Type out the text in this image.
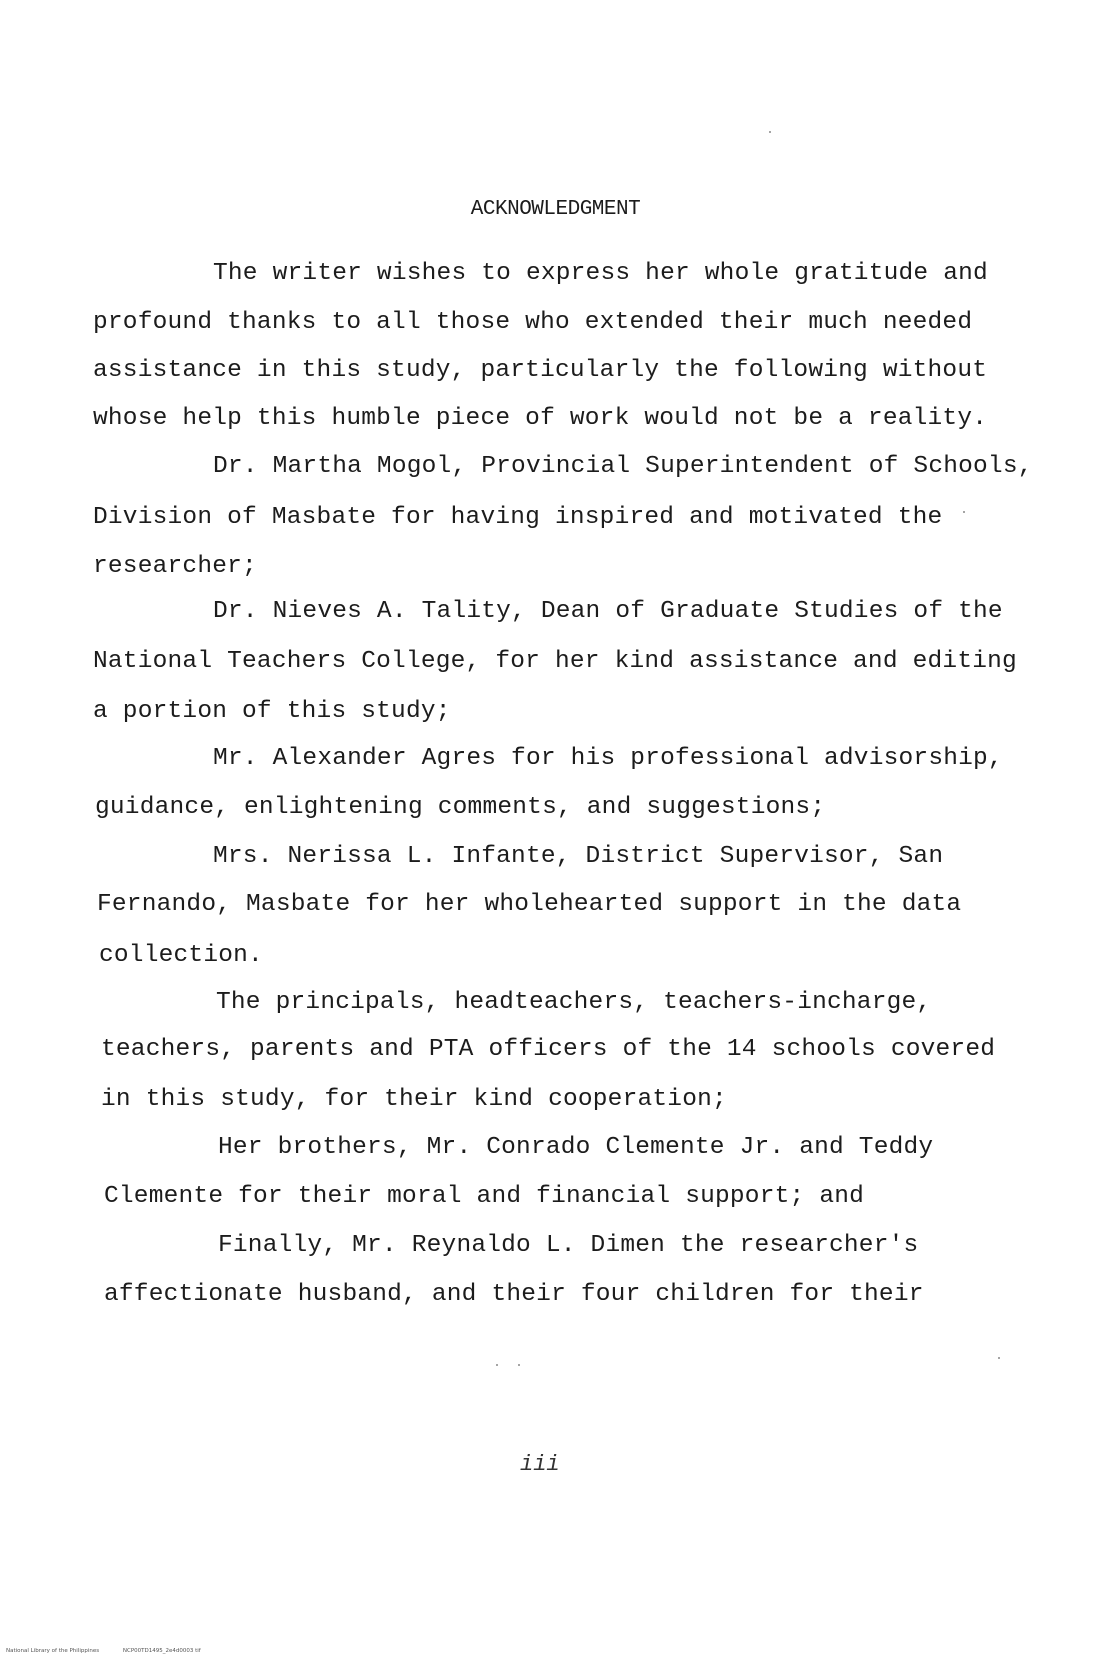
ACKNOWLEDGMENT
The writer wishes to express her whole gratitude and
profound thanks to all those who extended their much needed
assistance in this study, particularly the following without
whose help this humble piece of work would not be a reality.
Dr. Martha Mogol, Provincial Superintendent of Schools,
Division of Masbate for having inspired and motivated the
researcher;
Dr. Nieves A. Tality, Dean of Graduate Studies of the
National Teachers College, for her kind assistance and editing
a portion of this study;
Mr. Alexander Agres for his professional advisorship,
guidance, enlightening comments, and suggestions;
Mrs. Nerissa L. Infante, District Supervisor, San
Fernando, Masbate for her wholehearted support in the data
collection.
The principals, headteachers, teachers-incharge,
teachers, parents and PTA officers of the 14 schools covered
in this study, for their kind cooperation;
Her brothers, Mr. Conrado Clemente Jr. and Teddy
Clemente for their moral and financial support; and
Finally, Mr. Reynaldo L. Dimen the researcher's
affectionate husband, and their four children for their
iii
National Library of the Philippines	NCP00TD1495_2e4d0003 tif
